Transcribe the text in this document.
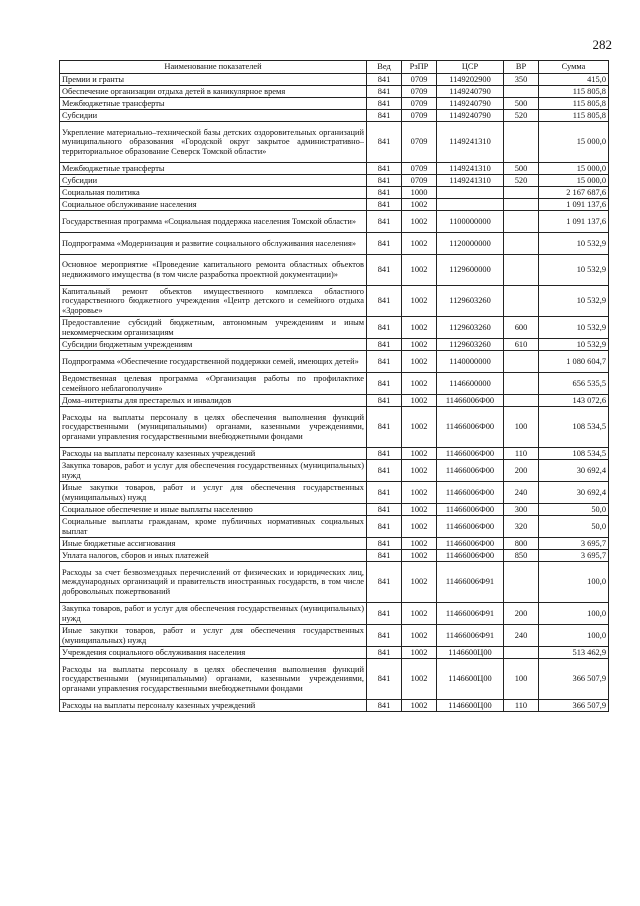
282
Наименование показателей	Вед	РзПР	ЦСР	ВР	Сумма
Премии и гранты	841	0709	1149202900	350	415,0
Обеспечение организации отдыха детей в каникулярное время	841	0709	1149240790		115 805,8
Межбюджетные трансферты	841	0709	1149240790	500	115 805,8
Субсидии	841	0709	1149240790	520	115 805,8
Укрепление материально–технической базы детских оздоровительных организаций муниципального образования «Городской округ закрытое административно–территориальное образование Северск Томской области»	841	0709	1149241310		15 000,0
Межбюджетные трансферты	841	0709	1149241310	500	15 000,0
Субсидии	841	0709	1149241310	520	15 000,0
Социальная политика	841	1000			2 167 687,6
Социальное обслуживание населения	841	1002			1 091 137,6
Государственная программа «Социальная поддержка населения Томской области»	841	1002	1100000000		1 091 137,6
Подпрограмма «Модернизация и развитие социального обслуживания населения»	841	1002	1120000000		10 532,9
Основное мероприятие «Проведение капитального ремонта областных объектов недвижимого имущества (в том числе разработка проектной документации)»	841	1002	1129600000		10 532,9
Капитальный ремонт объектов имущественного комплекса областного государственного бюджетного учреждения «Центр детского и семейного отдыха «Здоровье»	841	1002	1129603260		10 532,9
Предоставление субсидий бюджетным, автономным учреждениям и иным некоммерческим организациям	841	1002	1129603260	600	10 532,9
Субсидии бюджетным учреждениям	841	1002	1129603260	610	10 532,9
Подпрограмма «Обеспечение государственной поддержки семей, имеющих детей»	841	1002	1140000000		1 080 604,7
Ведомственная целевая программа «Организация работы по профилактике семейного неблагополучия»	841	1002	1146600000		656 535,5
Дома–интернаты для престарелых и инвалидов	841	1002	11466006Ф00		143 072,6
Расходы на выплаты персоналу в целях обеспечения выполнения функций государственными (муниципальными) органами, казенными учреждениями, органами управления государственными внебюджетными фондами	841	1002	11466006Ф00	100	108 534,5
Расходы на выплаты персоналу казенных учреждений	841	1002	11466006Ф00	110	108 534,5
Закупка товаров, работ и услуг для обеспечения государственных (муниципальных) нужд	841	1002	11466006Ф00	200	30 692,4
Иные закупки товаров, работ и услуг для обеспечения государственных (муниципальных) нужд	841	1002	11466006Ф00	240	30 692,4
Социальное обеспечение и иные выплаты населению	841	1002	11466006Ф00	300	50,0
Социальные выплаты гражданам, кроме публичных нормативных социальных выплат	841	1002	11466006Ф00	320	50,0
Иные бюджетные ассигнования	841	1002	11466006Ф00	800	3 695,7
Уплата налогов, сборов и иных платежей	841	1002	11466006Ф00	850	3 695,7
Расходы за счет безвозмездных перечислений от физических и юридических лиц, международных организаций и правительств иностранных государств, в том числе добровольных пожертвований	841	1002	11466006Ф91		100,0
Закупка товаров, работ и услуг для обеспечения государственных (муниципальных) нужд	841	1002	11466006Ф91	200	100,0
Иные закупки товаров, работ и услуг для обеспечения государственных (муниципальных) нужд	841	1002	11466006Ф91	240	100,0
Учреждения социального обслуживания населения	841	1002	1146600Ц00		513 462,9
Расходы на выплаты персоналу в целях обеспечения выполнения функций государственными (муниципальными) органами, казенными учреждениями, органами управления государственными внебюджетными фондами	841	1002	1146600Ц00	100	366 507,9
Расходы на выплаты персоналу казенных учреждений	841	1002	1146600Ц00	110	366 507,9
